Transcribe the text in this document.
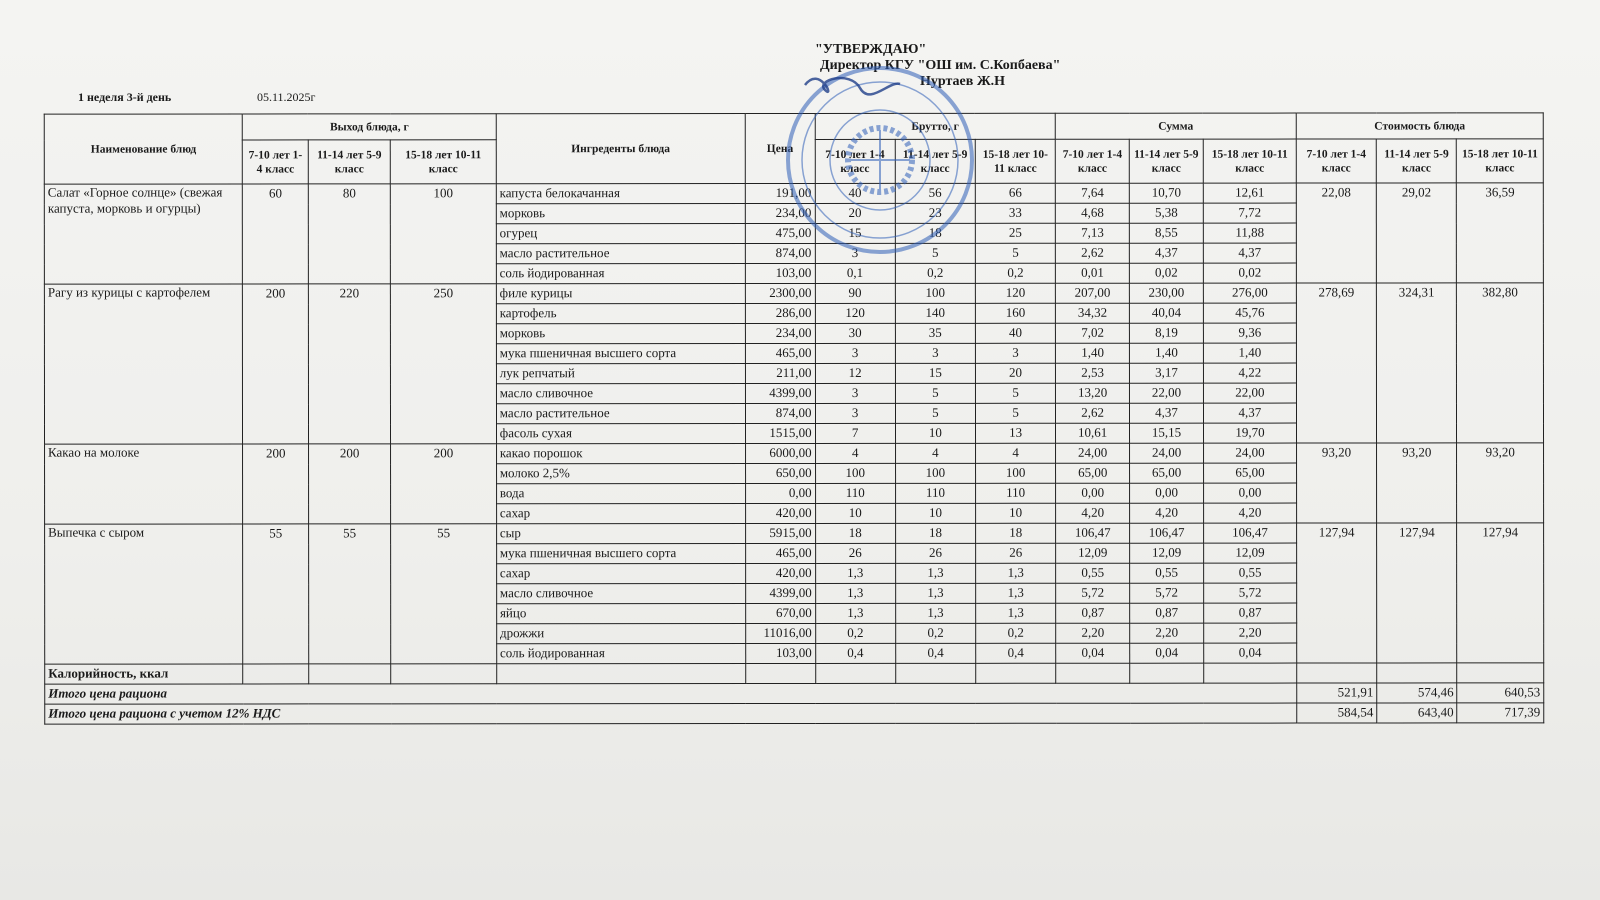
"УТВЕРЖДАЮ"
Директор КГУ "ОШ им. С.Копбаева"
Нуртаев Ж.Н
1 неделя 3-й день	05.11.2025г
Наименование блюд	Выход блюда, г			Ингреденты блюда	Цена	Брутто, г			Сумма			Стоимость блюда		
	7-10 лет 1-4 класс	11-14 лет 5-9 класс	15-18 лет 10-11 класс			7-10 лет 1-4 класс	11-14 лет 5-9 класс	15-18 лет 10-11 класс	7-10 лет 1-4 класс	11-14 лет 5-9 класс	15-18 лет 10-11 класс	7-10 лет 1-4 класс	11-14 лет 5-9 класс	15-18 лет 10-11 класс
Салат «Горное солнце» (свежая капуста, морковь и огурцы)	60	80	100	капуста белокачанная	191,00	40	56	66	7,64	10,70	12,61	22,08	29,02	36,59
				морковь	234,00	20	23	33	4,68	5,38	7,72			
				огурец	475,00	15	18	25	7,13	8,55	11,88			
				масло растительное	874,00	3	5	5	2,62	4,37	4,37			
				соль йодированная	103,00	0,1	0,2	0,2	0,01	0,02	0,02			
Рагу из курицы с картофелем	200	220	250	филе курицы	2300,00	90	100	120	207,00	230,00	276,00	278,69	324,31	382,80
				картофель	286,00	120	140	160	34,32	40,04	45,76			
				морковь	234,00	30	35	40	7,02	8,19	9,36			
				мука пшеничная высшего сорта	465,00	3	3	3	1,40	1,40	1,40			
				лук репчатый	211,00	12	15	20	2,53	3,17	4,22			
				масло сливочное	4399,00	3	5	5	13,20	22,00	22,00			
				масло растительное	874,00	3	5	5	2,62	4,37	4,37			
				фасоль сухая	1515,00	7	10	13	10,61	15,15	19,70			
Какао на молоке	200	200	200	какао порошок	6000,00	4	4	4	24,00	24,00	24,00	93,20	93,20	93,20
				молоко 2,5%	650,00	100	100	100	65,00	65,00	65,00			
				вода	0,00	110	110	110	0,00	0,00	0,00			
				сахар	420,00	10	10	10	4,20	4,20	4,20			
Выпечка с сыром	55	55	55	сыр	5915,00	18	18	18	106,47	106,47	106,47	127,94	127,94	127,94
				мука пшеничная высшего сорта	465,00	26	26	26	12,09	12,09	12,09			
				сахар	420,00	1,3	1,3	1,3	0,55	0,55	0,55			
				масло сливочное	4399,00	1,3	1,3	1,3	5,72	5,72	5,72			
				яйцо	670,00	1,3	1,3	1,3	0,87	0,87	0,87			
				дрожжи	11016,00	0,2	0,2	0,2	2,20	2,20	2,20			
				соль йодированная	103,00	0,4	0,4	0,4	0,04	0,04	0,04			
Калорийность, ккал														
Итого цена рациона												521,91	574,46	640,53
Итого цена рациона с учетом 12% НДС												584,54	643,40	717,39
